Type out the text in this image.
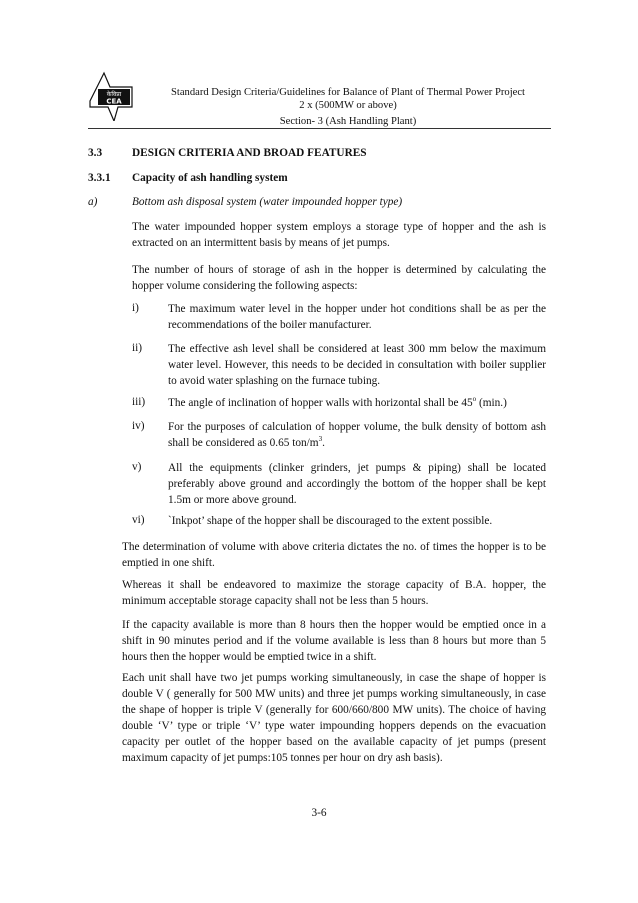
केविप्रा
CEA
Standard Design Criteria/Guidelines for Balance of Plant of Thermal Power Project
2 x (500MW or above)
Section- 3 (Ash Handling Plant)
3.3	DESIGN CRITERIA AND BROAD FEATURES
3.3.1 Capacity of ash handling system
a)	Bottom ash disposal system (water impounded hopper type)
The water impounded hopper system employs a storage type of hopper and the ash is extracted on an intermittent basis by means of jet pumps.
The number of hours of storage of ash in the hopper is determined by calculating the hopper volume considering the following aspects:
i)	The maximum water level in the hopper under hot conditions shall be as per the recommendations of the boiler manufacturer.
ii) The effective ash level shall be considered at least 300 mm below the maximum water level. However, this needs to be decided in consultation with boiler supplier to avoid water splashing on the furnace tubing.
iii) The angle of inclination of hopper walls with horizontal shall be 45$^o$ (min.)
iv) For the purposes of calculation of hopper volume, the bulk density of bottom ash shall be considered as 0.65 ton/$m^3$.
v) All the equipments (clinker grinders, jet pumps & piping) shall be located preferably above ground and accordingly the bottom of the hopper shall be kept 1.5m or more above ground.
vi) `Inkpot’ shape of the hopper shall be discouraged to the extent possible.
The determination of volume with above criteria dictates the no. of times the hopper is to be emptied in one shift.
Whereas it shall be endeavored to maximize the storage capacity of B.A. hopper, the minimum acceptable storage capacity shall not be less than 5 hours.
If the capacity available is more than 8 hours then the hopper would be emptied once in a shift in 90 minutes period and if the volume available is less than 8 hours but more than 5 hours then the hopper would be emptied twice in a shift.
Each unit shall have two jet pumps working simultaneously, in case the shape of hopper is double V ( generally for 500 MW units) and three jet pumps working simultaneously, in case the shape of hopper is triple V (generally for 600/660/800 MW units). The choice of having double ‘V’ type or triple ‘V’ type water impounding hoppers depends on the evacuation capacity per outlet of the hopper based on the available capacity of jet pumps (present maximum capacity of jet pumps:105 tonnes per hour on dry ash basis).
3-6
